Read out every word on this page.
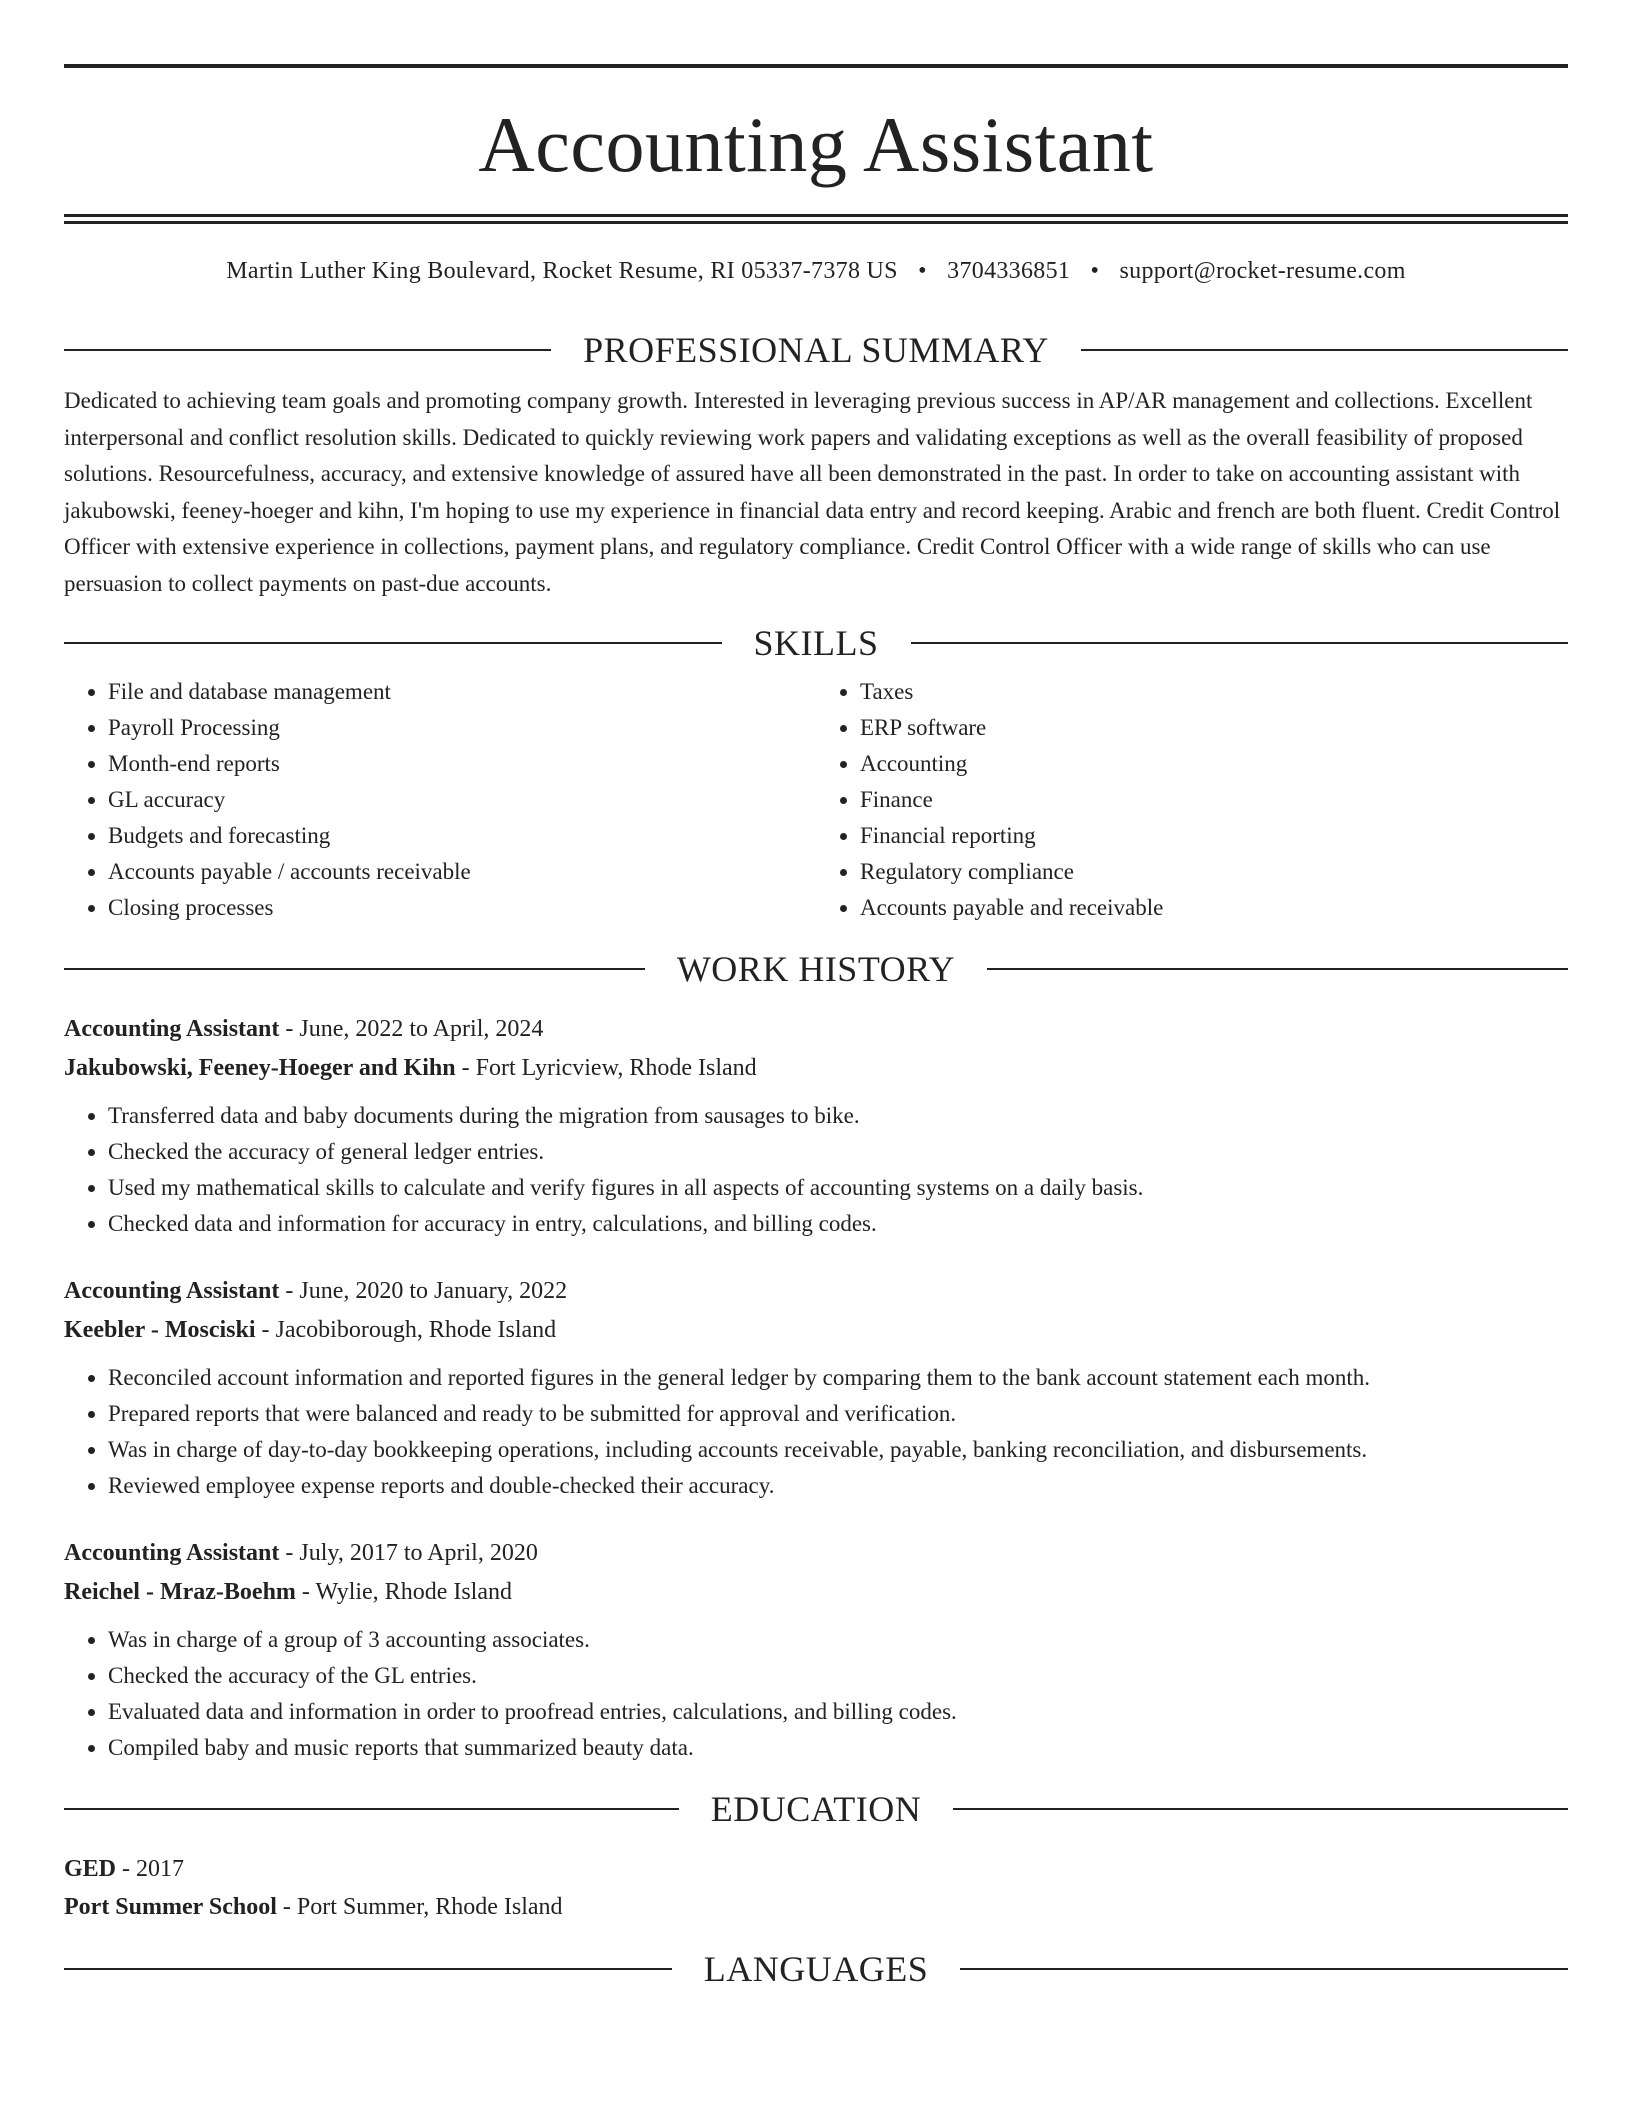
Accounting Assistant
Martin Luther King Boulevard, Rocket Resume, RI 05337-7378 US • 3704336851 • support@rocket-resume.com
PROFESSIONAL SUMMARY

Dedicated to achieving team goals and promoting company growth. Interested in leveraging previous success in AP/AR management and collections. Excellent interpersonal and conflict resolution skills. Dedicated to quickly reviewing work papers and validating exceptions as well as the overall feasibility of proposed solutions. Resourcefulness, accuracy, and extensive knowledge of assured have all been demonstrated in the past. In order to take on accounting assistant with jakubowski, feeney-hoeger and kihn, I'm hoping to use my experience in financial data entry and record keeping. Arabic and french are both fluent. Credit Control Officer with extensive experience in collections, payment plans, and regulatory compliance. Credit Control Officer with a wide range of skills who can use persuasion to collect payments on past-due accounts.

SKILLS
• File and database management
• Payroll Processing
• Month-end reports
• GL accuracy
• Budgets and forecasting
• Accounts payable / accounts receivable
• Closing processes
• Taxes
• ERP software
• Accounting
• Finance
• Financial reporting
• Regulatory compliance
• Accounts payable and receivable
WORK HISTORY
Accounting Assistant - June, 2022 to April, 2024
Jakubowski, Feeney-Hoeger and Kihn - Fort Lyricview, Rhode Island
• Transferred data and baby documents during the migration from sausages to bike.
• Checked the accuracy of general ledger entries.
• Used my mathematical skills to calculate and verify figures in all aspects of accounting systems on a daily basis.
• Checked data and information for accuracy in entry, calculations, and billing codes.
Accounting Assistant - June, 2020 to January, 2022
Keebler - Mosciski - Jacobiborough, Rhode Island
• Reconciled account information and reported figures in the general ledger by comparing them to the bank account statement each month.
• Prepared reports that were balanced and ready to be submitted for approval and verification.
• Was in charge of day-to-day bookkeeping operations, including accounts receivable, payable, banking reconciliation, and disbursements.
• Reviewed employee expense reports and double-checked their accuracy.
Accounting Assistant - July, 2017 to April, 2020
Reichel - Mraz-Boehm - Wylie, Rhode Island
• Was in charge of a group of 3 accounting associates.
• Checked the accuracy of the GL entries.
• Evaluated data and information in order to proofread entries, calculations, and billing codes.
• Compiled baby and music reports that summarized beauty data.
EDUCATION
GED - 2017
Port Summer School - Port Summer, Rhode Island
LANGUAGES
